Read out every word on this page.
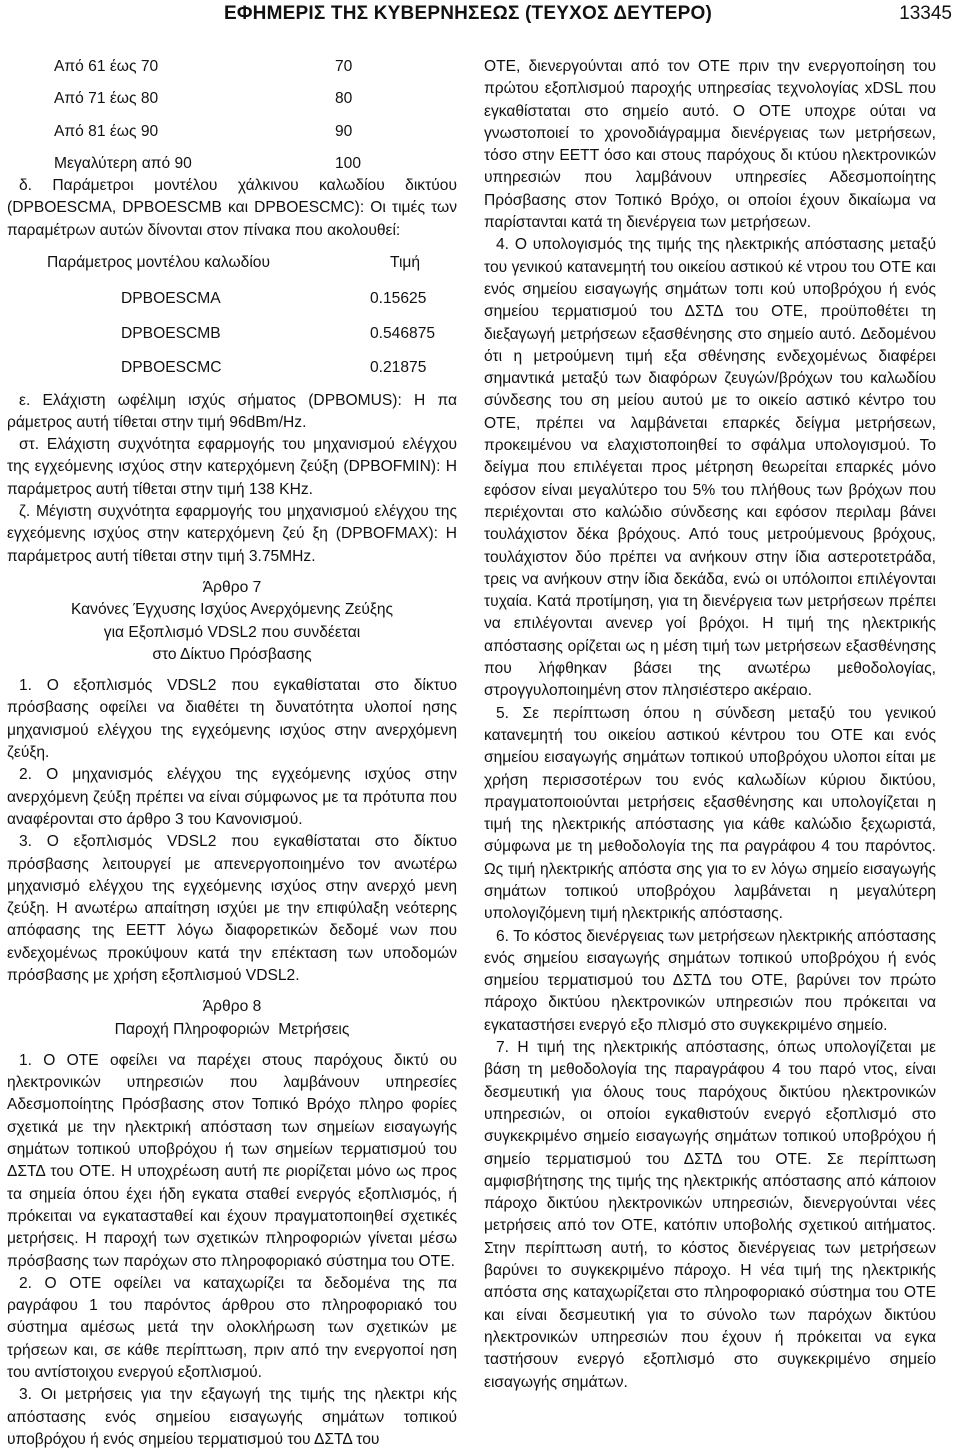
ΕΦΗΜΕΡΙΣ ΤΗΣ ΚΥΒΕΡΝΗΣΕΩΣ (ΤΕΥΧΟΣ ΔΕΥΤΕΡΟ)	13345
Από 61 έως 70	70
Από 71 έως 80	80
Από 81 έως 90	90
Μεγαλύτερη από 90	100

δ. Παράμετροι μοντέλου χάλκινου καλωδίου δικτύου (DPBOESCMA, DPBOESCMB και DPBOESCMC): Οι τιμές των παραμέτρων αυτών δίνονται στον πίνακα που ακολουθεί:

Παράμετρος μοντέλου καλωδίου	Τιμή
DPBOESCMA	0.15625
DPBOESCMB	0.546875
DPBOESCMC	0.21875

ε. Ελάχιστη ωφέλιμη ισχύς σήματος (DPBOMUS): Η πα ράμετρος αυτή τίθεται στην τιμή 96dBm/Hz.

στ. Ελάχιστη συχνότητα εφαρμογής του μηχανισμού ελέγχου της εγχεόμενης ισχύος στην κατερχόμενη ζεύξη (DPBOFMIN): Η παράμετρος αυτή τίθεται στην τιμή 138 KHz.

ζ. Μέγιστη συχνότητα εφαρμογής του μηχανισμού ελέγχου της εγχεόμενης ισχύος στην κατερχόμενη ζεύ ξη (DPBOFMAX): Η παράμετρος αυτή τίθεται στην τιμή 3.75MHz.

Άρθρο 7

Κανόνες Έγχυσης Ισχύος Ανερχόμενης Ζεύξης

για Εξοπλισμό VDSL2 που συνδέεται

στο Δίκτυο Πρόσβασης

1. Ο εξοπλισμός VDSL2 που εγκαθίσταται στο δίκτυο πρόσβασης οφείλει να διαθέτει τη δυνατότητα υλοποί ησης μηχανισμού ελέγχου της εγχεόμενης ισχύος στην ανερχόμενη ζεύξη.

2. Ο μηχανισμός ελέγχου της εγχεόμενης ισχύος στην ανερχόμενη ζεύξη πρέπει να είναι σύμφωνος με τα πρότυπα που αναφέρονται στο άρθρο 3 του Κανονισμού.

3. Ο εξοπλισμός VDSL2 που εγκαθίσταται στο δίκτυο πρόσβασης λειτουργεί με απενεργοποιημένο τον ανωτέρω μηχανισμό ελέγχου της εγχεόμενης ισχύος στην ανερχό μενη ζεύξη. Η ανωτέρω απαίτηση ισχύει με την επιφύλαξη νεότερης απόφασης της ΕΕΤΤ λόγω διαφορετικών δεδομέ νων που ενδεχομένως προκύψουν κατά την επέκταση των υποδομών πρόσβασης με χρήση εξοπλισμού VDSL2.

Άρθρο 8

Παροχή Πληροφοριών Μετρήσεις

1. Ο ΟΤΕ οφείλει να παρέχει στους παρόχους δικτύ ου ηλεκτρονικών υπηρεσιών που λαμβάνουν υπηρεσίες Αδεσμοποίητης Πρόσβασης στον Τοπικό Βρόχο πληρο φορίες σχετικά με την ηλεκτρική απόσταση των σημείων εισαγωγής σημάτων τοπικού υποβρόχου ή των σημείων τερματισμού του ΔΣΤΔ του ΟΤΕ. Η υποχρέωση αυτή πε ριορίζεται μόνο ως προς τα σημεία όπου έχει ήδη εγκατα σταθεί ενεργός εξοπλισμός, ή πρόκειται να εγκατασταθεί και έχουν πραγματοποιηθεί σχετικές μετρήσεις. Η παροχή των σχετικών πληροφοριών γίνεται μέσω πρόσβασης των παρόχων στο πληροφοριακό σύστημα του ΟΤΕ.

2. Ο ΟΤΕ οφείλει να καταχωρίζει τα δεδομένα της πα ραγράφου 1 του παρόντος άρθρου στο πληροφοριακό του σύστημα αμέσως μετά την ολοκλήρωση των σχετικών με τρήσεων και, σε κάθε περίπτωση, πριν από την ενεργοποί ηση του αντίστοιχου ενεργού εξοπλισμού.

3. Οι μετρήσεις για την εξαγωγή της τιμής της ηλεκτρι κής απόστασης ενός σημείου εισαγωγής σημάτων τοπικού υποβρόχου ή ενός σημείου τερματισμού του ΔΣΤΔ του

ΟΤΕ, διενεργούνται από τον ΟΤΕ πριν την ενεργοποίηση του πρώτου εξοπλισμού παροχής υπηρεσίας τεχνολογίας xDSL που εγκαθίσταται στο σημείο αυτό. Ο ΟΤΕ υποχρε ούται να γνωστοποιεί το χρονοδιάγραμμα διενέργειας των μετρήσεων, τόσο στην ΕΕΤΤ όσο και στους παρόχους δι κτύου ηλεκτρονικών υπηρεσιών που λαμβάνουν υπηρεσίες Αδεσμοποίητης Πρόσβασης στον Τοπικό Βρόχο, οι οποίοι έχουν δικαίωμα να παρίστανται κατά τη διενέργεια των μετρήσεων.

4. Ο υπολογισμός της τιμής της ηλεκτρικής απόστασης μεταξύ του γενικού κατανεμητή του οικείου αστικού κέ ντρου του ΟΤΕ και ενός σημείου εισαγωγής σημάτων τοπι κού υποβρόχου ή ενός σημείου τερματισμού του ΔΣΤΔ του ΟΤΕ, προϋποθέτει τη διεξαγωγή μετρήσεων εξασθένησης στο σημείο αυτό. Δεδομένου ότι η μετρούμενη τιμή εξα σθένησης ενδεχομένως διαφέρει σημαντικά μεταξύ των διαφόρων ζευγών/βρόχων του καλωδίου σύνδεσης του ση μείου αυτού με το οικείο αστικό κέντρο του ΟΤΕ, πρέπει να λαμβάνεται επαρκές δείγμα μετρήσεων, προκειμένου να ελαχιστοποιηθεί το σφάλμα υπολογισμού. Το δείγμα που επιλέγεται προς μέτρηση θεωρείται επαρκές μόνο εφόσον είναι μεγαλύτερο του 5% του πλήθους των βρόχων που περιέχονται στο καλώδιο σύνδεσης και εφόσον περιλαμ βάνει τουλάχιστον δέκα βρόχους. Από τους μετρούμενους βρόχους, τουλάχιστον δύο πρέπει να ανήκουν στην ίδια αστεροτετράδα, τρεις να ανήκουν στην ίδια δεκάδα, ενώ οι υπόλοιποι επιλέγονται τυχαία. Κατά προτίμηση, για τη διενέργεια των μετρήσεων πρέπει να επιλέγονται ανενερ γοί βρόχοι. Η τιμή της ηλεκτρικής απόστασης ορίζεται ως η μέση τιμή των μετρήσεων εξασθένησης που λήφθηκαν βάσει της ανωτέρω μεθοδολογίας, στρογγυλοποιημένη στον πλησιέστερο ακέραιο.

5. Σε περίπτωση όπου η σύνδεση μεταξύ του γενικού κατανεμητή του οικείου αστικού κέντρου του ΟΤΕ και ενός σημείου εισαγωγής σημάτων τοπικού υποβρόχου υλοποι είται με χρήση περισσοτέρων του ενός καλωδίων κύριου δικτύου, πραγματοποιούνται μετρήσεις εξασθένησης και υπολογίζεται η τιμή της ηλεκτρικής απόστασης για κάθε καλώδιο ξεχωριστά, σύμφωνα με τη μεθοδολογία της πα ραγράφου 4 του παρόντος. Ως τιμή ηλεκτρικής απόστα σης για το εν λόγω σημείο εισαγωγής σημάτων τοπικού υποβρόχου λαμβάνεται η μεγαλύτερη υπολογιζόμενη τιμή ηλεκτρικής απόστασης.

6. Το κόστος διενέργειας των μετρήσεων ηλεκτρικής απόστασης ενός σημείου εισαγωγής σημάτων τοπικού υποβρόχου ή ενός σημείου τερματισμού του ΔΣΤΔ του ΟΤΕ, βαρύνει τον πρώτο πάροχο δικτύου ηλεκτρονικών υπηρεσιών που πρόκειται να εγκαταστήσει ενεργό εξο πλισμό στο συγκεκριμένο σημείο.

7. Η τιμή της ηλεκτρικής απόστασης, όπως υπολογίζεται με βάση τη μεθοδολογία της παραγράφου 4 του παρό ντος, είναι δεσμευτική για όλους τους παρόχους δικτύου ηλεκτρονικών υπηρεσιών, οι οποίοι εγκαθιστούν ενεργό εξοπλισμό στο συγκεκριμένο σημείο εισαγωγής σημάτων τοπικού υποβρόχου ή σημείο τερματισμού του ΔΣΤΔ του ΟΤΕ. Σε περίπτωση αμφισβήτησης της τιμής της ηλεκτρικής απόστασης από κάποιον πάροχο δικτύου ηλεκτρονικών υπηρεσιών, διενεργούνται νέες μετρήσεις από τον ΟΤΕ, κατόπιν υποβολής σχετικού αιτήματος. Στην περίπτωση αυτή, το κόστος διενέργειας των μετρήσεων βαρύνει το συγκεκριμένο πάροχο. Η νέα τιμή της ηλεκτρικής απόστα σης καταχωρίζεται στο πληροφοριακό σύστημα του ΟΤΕ και είναι δεσμευτική για το σύνολο των παρόχων δικτύου ηλεκτρονικών υπηρεσιών που έχουν ή πρόκειται να εγκα ταστήσουν ενεργό εξοπλισμό στο συγκεκριμένο σημείο εισαγωγής σημάτων.
